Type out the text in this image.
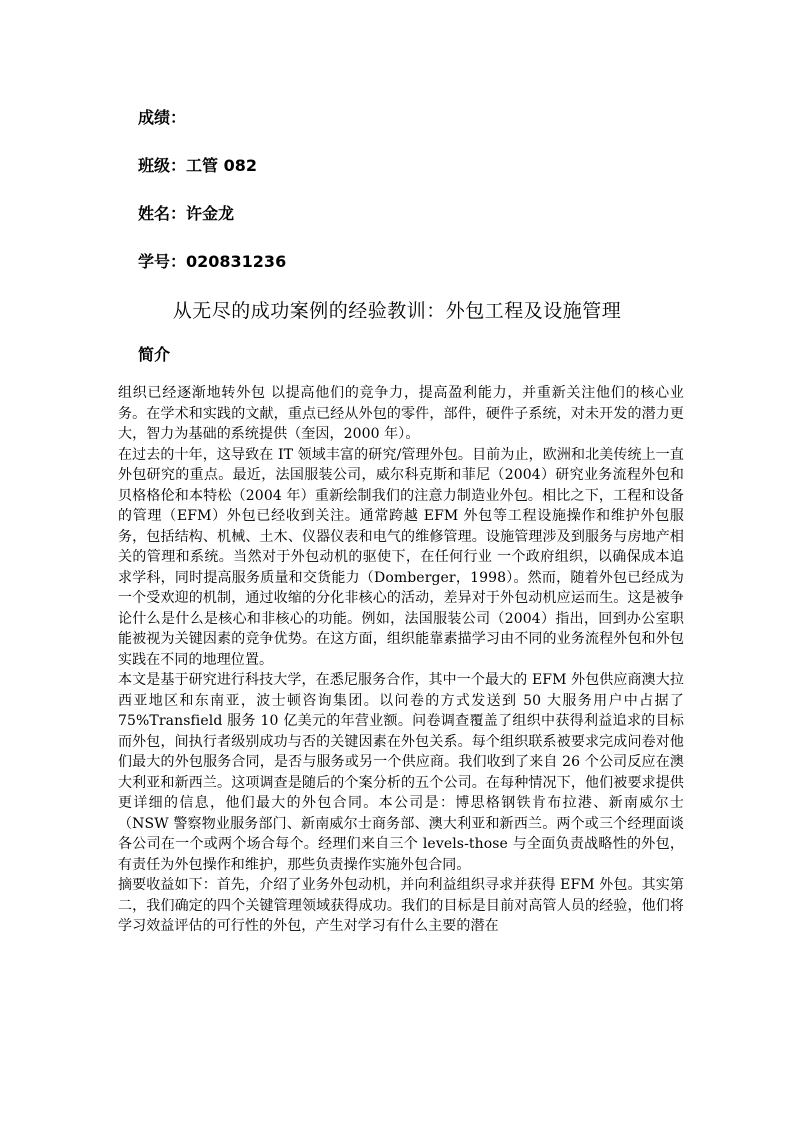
成绩：
班级：工管 082
姓名：许金龙
学号：020831236
从无尽的成功案例的经验教训：外包工程及设施管理
简介

组织已经逐渐地转外包 以提高他们的竞争力，提高盈利能力，并重新关注他们的核心业务。在学术和实践的文献，重点已经从外包的零件，部件，硬件子系统，对未开发的潜力更大，智力为基础的系统提供（奎因，2000 年）。

在过去的十年，这导致在 IT 领域丰富的研究/管理外包。目前为止，欧洲和北美传统上一直外包研究的重点。最近，法国服装公司，威尔科克斯和菲尼（2004）研究业务流程外包和贝格格伦和本特松（2004 年）重新绘制我们的注意力制造业外包。相比之下，工程和设备的管理（EFM）外包已经收到关注。通常跨越 EFM 外包等工程设施操作和维护外包服务，包括结构、机械、土木、仪器仪表和电气的维修管理。设施管理涉及到服务与房地产相关的管理和系统。当然对于外包动机的驱使下，在任何行业 一个政府组织，以确保成本追求学科，同时提高服务质量和交货能力（Domberger，1998）。然而，随着外包已经成为一个受欢迎的机制，通过收缩的分化非核心的活动，差异对于外包动机应运而生。这是被争论什么是什么是核心和非核心的功能。例如，法国服装公司（2004）指出，回到办公室职能被视为关键因素的竞争优势。在这方面，组织能靠素描学习由不同的业务流程外包和外包实践在不同的地理位置。

本文是基于研究进行科技大学，在悉尼服务合作，其中一个最大的 EFM 外包供应商澳大拉西亚地区和东南亚，波士顿咨询集团。以问卷的方式发送到 50 大服务用户中占据了 75%Transfield 服务 10 亿美元的年营业额。问卷调查覆盖了组织中获得利益追求的目标而外包，间执行者级别成功与否的关键因素在外包关系。每个组织联系被要求完成问卷对他们最大的外包服务合同，是否与服务或另一个供应商。我们收到了来自 26 个公司反应在澳大利亚和新西兰。这项调查是随后的个案分析的五个公司。在每种情况下，他们被要求提供更详细的信息，他们最大的外包合同。本公司是：博思格钢铁肯布拉港、新南威尔士（NSW 警察物业服务部门、新南威尔士商务部、澳大利亚和新西兰。两个或三个经理面谈各公司在一个或两个场合每个。经理们来自三个 levels-those 与全面负责战略性的外包，有责任为外包操作和维护，那些负责操作实施外包合同。

摘要收益如下：首先，介绍了业务外包动机，并向利益组织寻求并获得 EFM 外包。其实第二，我们确定的四个关键管理领域获得成功。我们的目标是目前对高管人员的经验，他们将学习效益评估的可行性的外包，产生对学习有什么主要的潜在
